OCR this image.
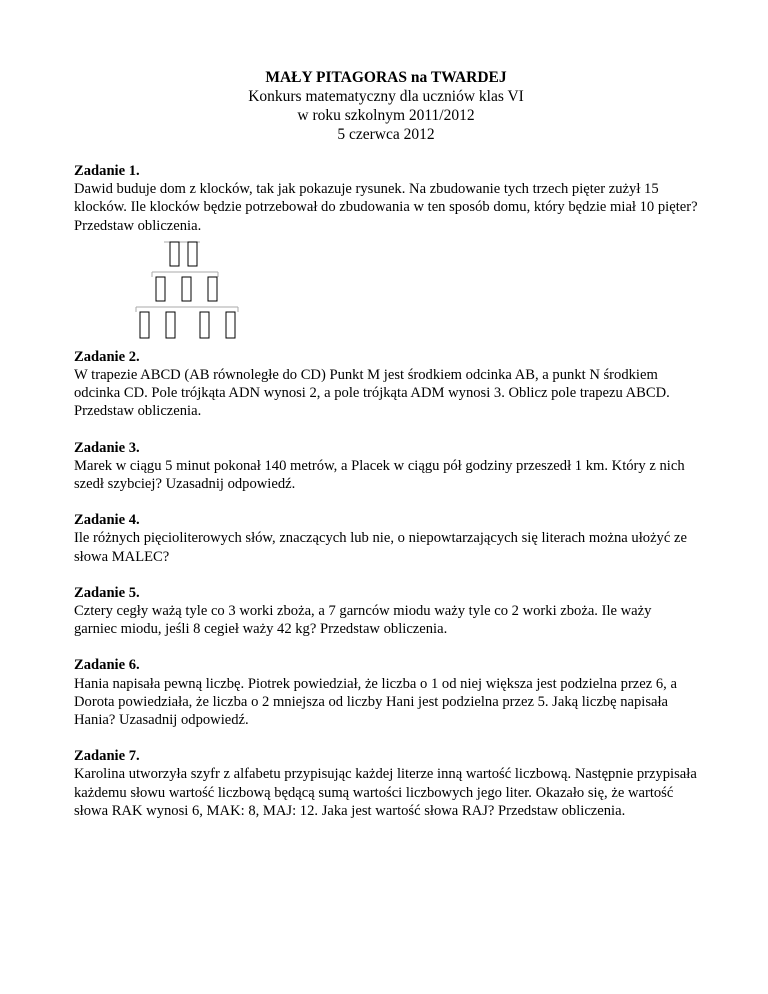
MAŁY PITAGORAS na TWARDEJ
Konkurs matematyczny dla uczniów klas VI
w roku szkolnym 2011/2012
5 czerwca 2012
Zadanie 1.
Dawid buduje dom z klocków, tak jak pokazuje rysunek. Na zbudowanie tych trzech pięter zużył 15 klocków. Ile klocków będzie potrzebował do zbudowania w ten sposób domu, który będzie miał 10 pięter? Przedstaw obliczenia.
Zadanie 2.
W trapezie ABCD (AB równoległe do CD) Punkt M jest środkiem odcinka AB, a punkt N środkiem odcinka CD. Pole trójkąta ADN wynosi 2, a pole trójkąta ADM wynosi 3. Oblicz pole trapezu ABCD. Przedstaw obliczenia.
Zadanie 3.
Marek w ciągu 5 minut pokonał 140 metrów, a Placek w ciągu pół godziny przeszedł 1 km. Który z nich szedł szybciej? Uzasadnij odpowiedź.
Zadanie 4.
Ile różnych pięcioliterowych słów, znaczących lub nie, o niepowtarzających się literach można ułożyć ze słowa MALEC?
Zadanie 5.
Cztery cegły ważą tyle co 3 worki zboża, a 7 garnców miodu waży tyle co 2 worki zboża. Ile waży garniec miodu, jeśli 8 cegieł waży 42 kg? Przedstaw obliczenia.
Zadanie 6.
Hania napisała pewną liczbę. Piotrek powiedział, że liczba o 1 od niej większa jest podzielna przez 6, a Dorota powiedziała, że liczba o 2 mniejsza od liczby Hani jest podzielna przez 5. Jaką liczbę napisała Hania? Uzasadnij odpowiedź.
Zadanie 7.
Karolina utworzyła szyfr z alfabetu przypisując każdej literze inną wartość liczbową. Następnie przypisała każdemu słowu wartość liczbową będącą sumą wartości liczbowych jego liter. Okazało się, że wartość słowa RAK wynosi 6, MAK: 8, MAJ: 12. Jaka jest wartość słowa RAJ? Przedstaw obliczenia.
